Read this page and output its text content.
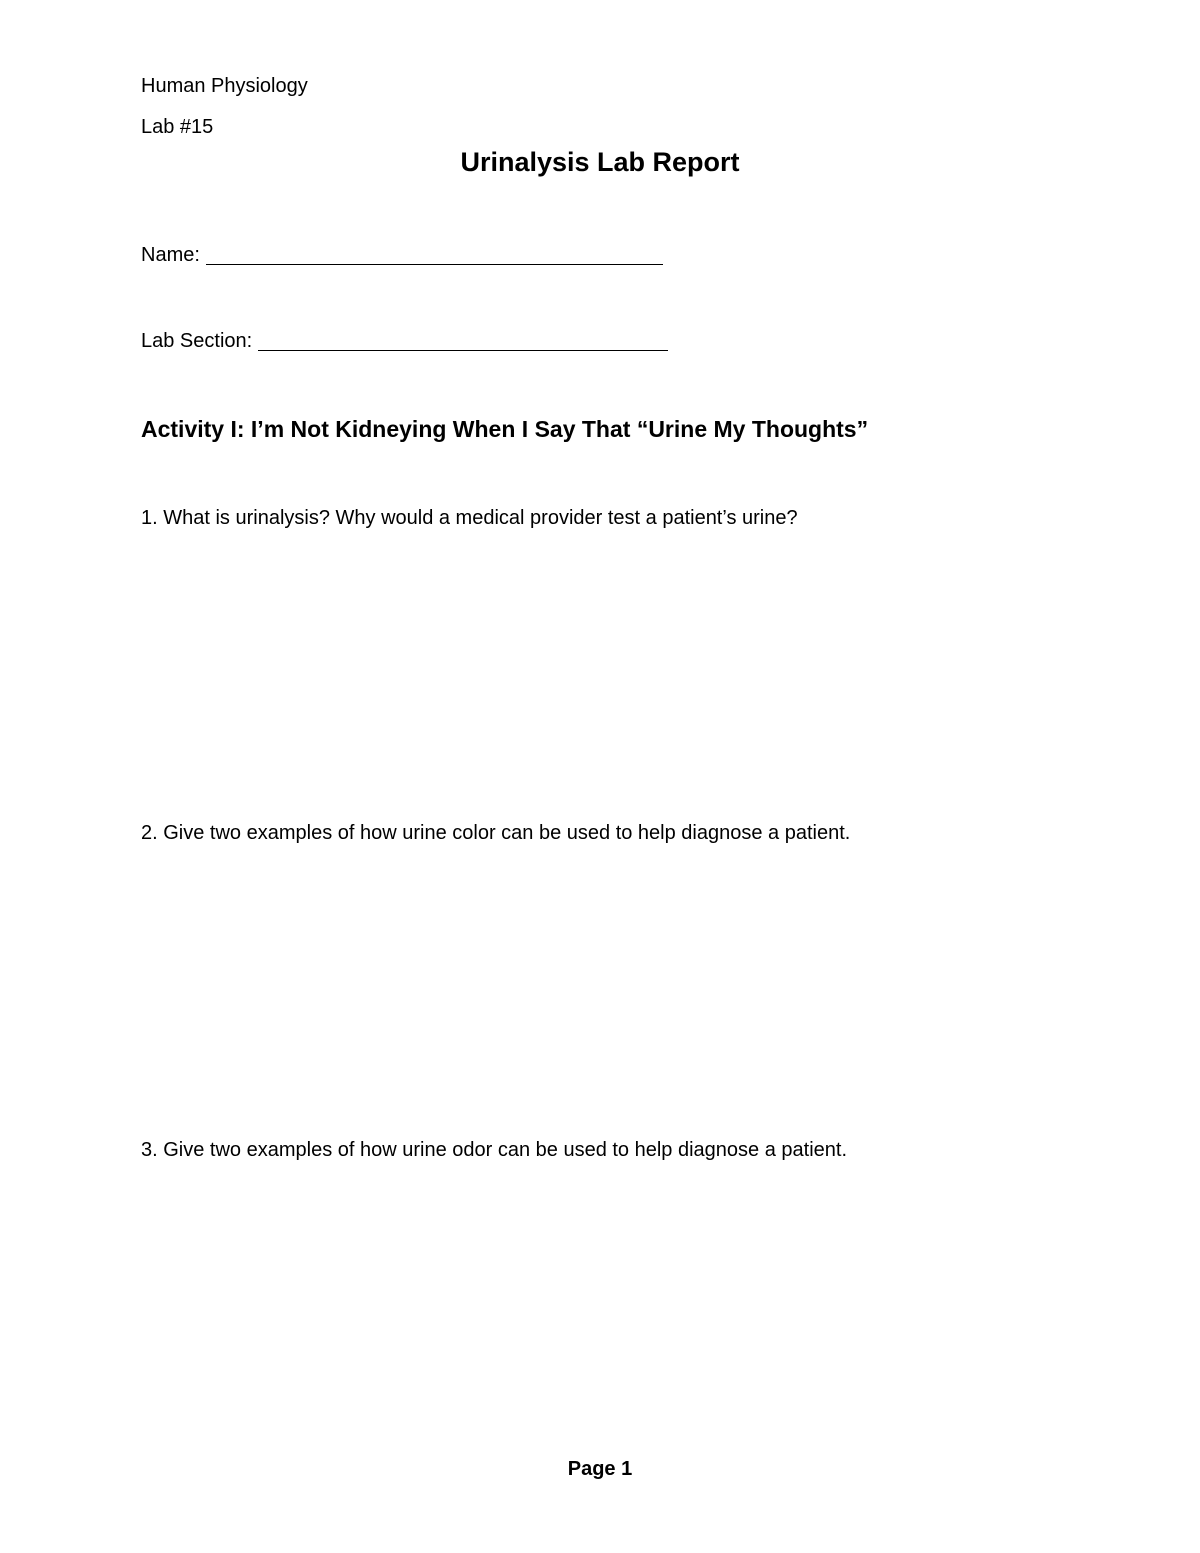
Human Physiology
Lab #15
Urinalysis Lab Report
Name:
Lab Section:
Activity I: I’m Not Kidneying When I Say That “Urine My Thoughts”
1. What is urinalysis? Why would a medical provider test a patient’s urine?
2. Give two examples of how urine color can be used to help diagnose a patient.
3. Give two examples of how urine odor can be used to help diagnose a patient.
Page 1
